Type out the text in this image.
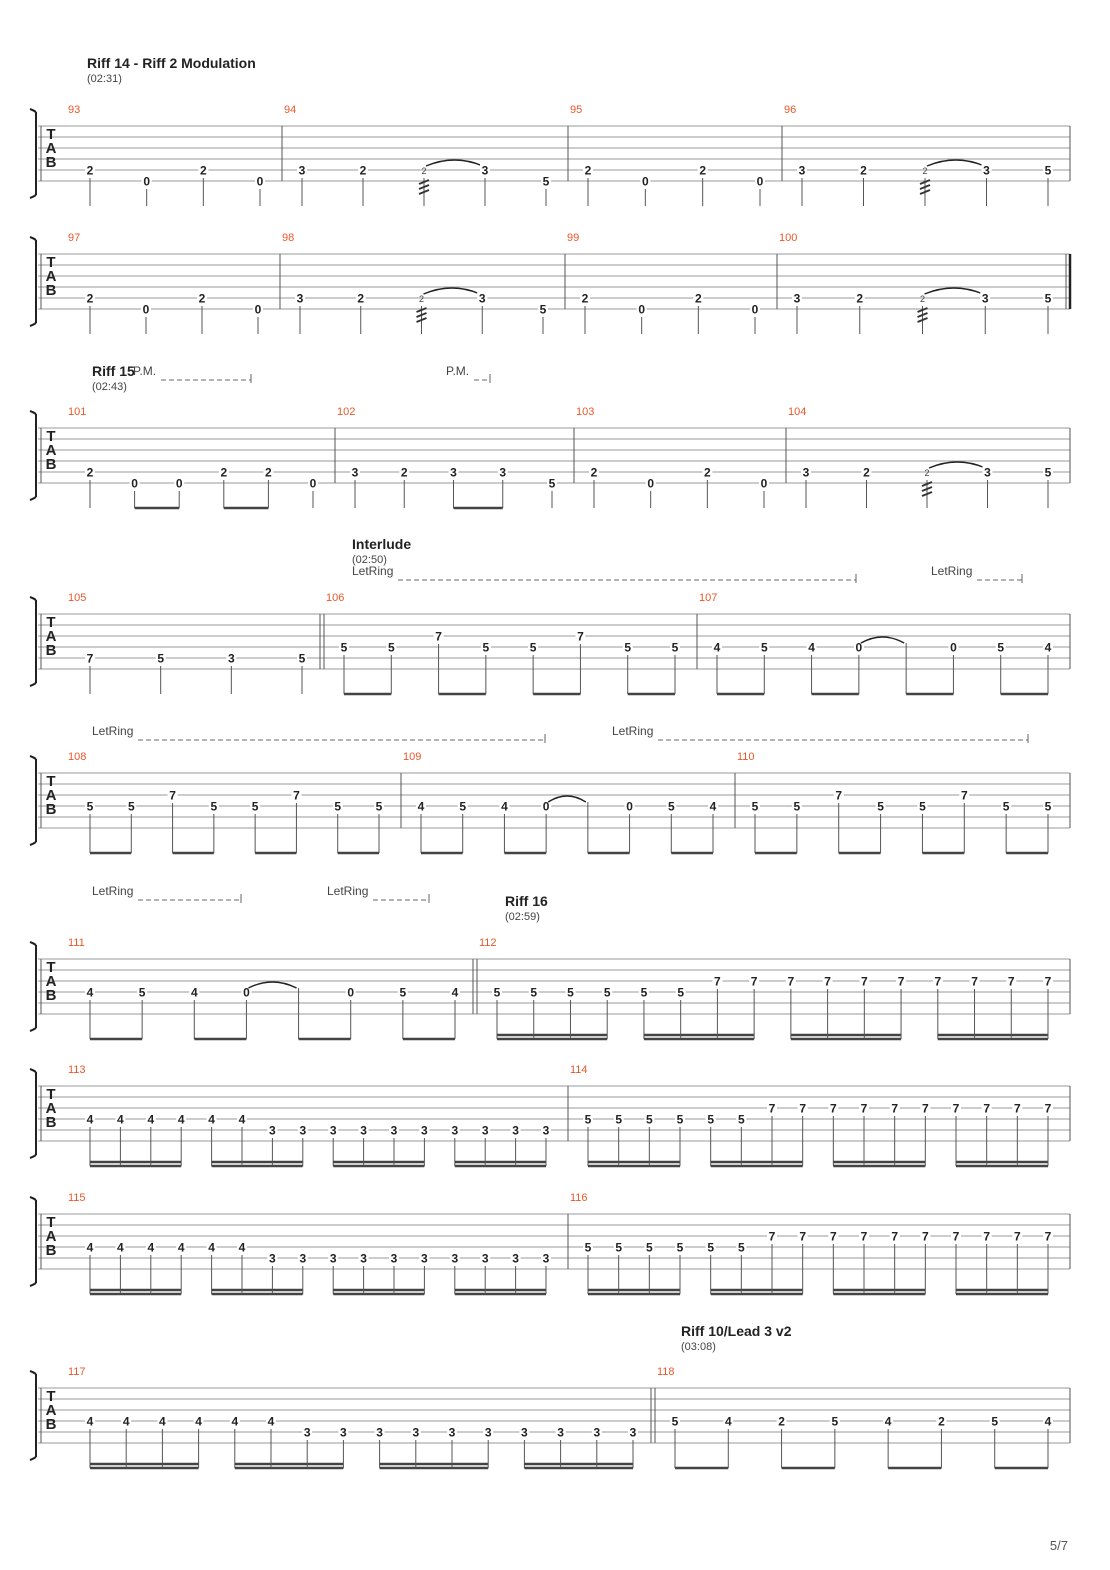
T
A
B
93
2
0
2
0
94
3	2	2	3
5
95
2
0
2
0
96
3	2	2	3	5
Riff 14 - Riff 2 Modulation
(02:31)
T
A
B
97
2
0
2
0
98
3	2	2	3
5
99
2
0
2
0
100
3	2	2	3	5
T
A
B
101
2
0	0
2	2
0
102
3	2	3	3
5
103
2
0
2
0
104
3	2	2	3	5
Riff 15
(02:43)
P.M.	P.M.
T
A
B
105
7	5	3	5
106
5	5
7
5	5
7
5	5
107
4	5	4	0	0	5	4
Interlude
(02:50)
LetRing	LetRing
T
A
B
108
5	5
7
5	5
7
5	5
109
4	5	4	0	0	5	4
110
5	5
7
5	5
7
5	5
LetRing	LetRing
T
A
B
111
4	5	4	0	0	5	4
112
5	5	5	5	5	5
7	7	7	7	7	7	7	7	7	7
Riff 16
(02:59)
LetRing	LetRing
T
A
B
113
4 4 4 4 4 4
3 3 3 3 3 3 3 3 3 3
114
5 5 5 5 5 5
7 7 7 7 7 7 7 7 7 7
T
A
B
115
4 4 4 4 4 4
3 3 3 3 3 3 3 3 3 3
116
5 5 5 5 5 5
7 7 7 7 7 7 7 7 7 7
T
A
B
117
4 4 4 4 4 4
3 3 3 3 3 3 3 3 3 3
118
5	4	2	5	4	2	5	4
Riff 10/Lead 3 v2
(03:08)
5/7
